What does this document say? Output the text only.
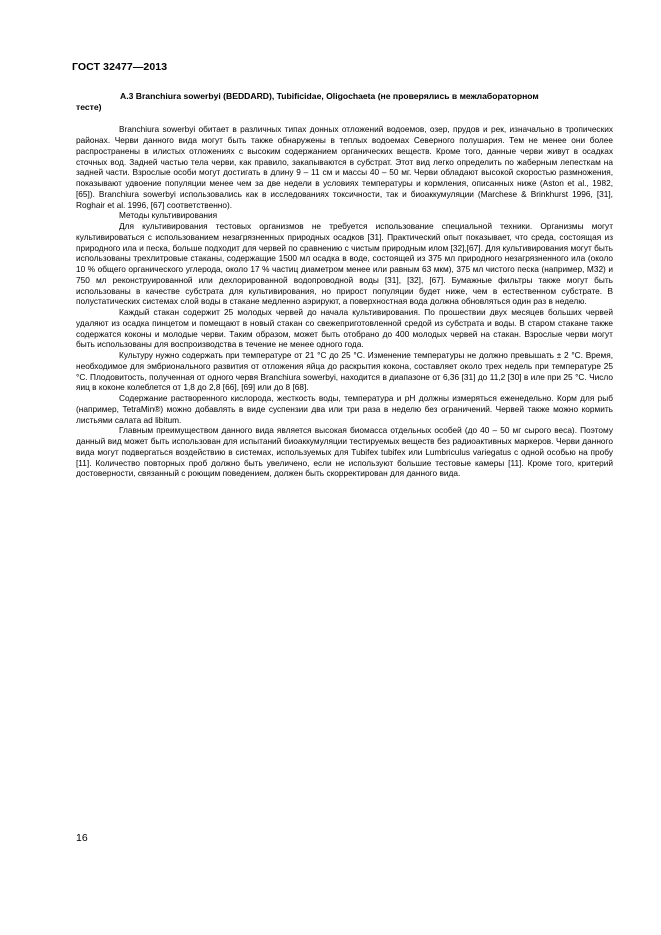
ГОСТ 32477—2013
А.3 Branchiura sowerbyi (BEDDARD), Tubificidae, Oligochaeta (не проверялись в межлабораторном
тесте)

Branchiura sowerbyi обитает в различных типах донных отложений водоемов, озер, прудов и рек, изначально в тропических районах. Черви данного вида могут быть также обнаружены в теплых водоемах Северного полушария. Тем не менее они более распространены в илистых отложениях с высоким содержанием органических веществ. Кроме того, данные черви живут в осадках сточных вод. Задней частью тела черви, как правило, закапываются в субстрат. Этот вид легко определить по жаберным лепесткам на задней части. Взрослые особи могут достигать в длину 9 – 11 см и массы 40 – 50 мг. Черви обладают высокой скоростью размножения, показывают удвоение популяции менее чем за две недели в условиях температуры и кормления, описанных ниже (Aston et al., 1982, [65]). Branchiura sowerbyi использовались как в исследованиях токсичности, так и биоаккумуляции (Marchese & Brinkhurst 1996, [31], Roghair et al. 1996, [67] соответственно).

Методы культивирования

Для культивирования тестовых организмов не требуется использование специальной техники. Организмы могут культивироваться с использованием незагрязненных природных осадков [31]. Практический опыт показывает, что среда, состоящая из природного ила и песка, больше подходит для червей по сравнению с чистым природным илом [32],[67]. Для культивирования могут быть использованы трехлитровые стаканы, содержащие 1500 мл осадка в воде, состоящей из 375 мл природного незагрязненного ила (около 10 % общего органического углерода, около 17 % частиц диаметром менее или равным 63 мкм), 375 мл чистого песка (например, M32) и 750 мл реконструированной или дехлорированной водопроводной воды [31], [32], [67]. Бумажные фильтры также могут быть использованы в качестве субстрата для культивирования, но прирост популяции будет ниже, чем в естественном субстрате. В полустатических системах слой воды в стакане медленно аэрируют, а поверхностная вода должна обновляться один раз в неделю.

Каждый стакан содержит 25 молодых червей до начала культивирования. По прошествии двух месяцев больших червей удаляют из осадка пинцетом и помещают в новый стакан со свежеприготовленной средой из субстрата и воды. В старом стакане также содержатся коконы и молодые черви. Таким образом, может быть отобрано до 400 молодых червей на стакан. Взрослые черви могут быть использованы для воспроизводства в течение не менее одного года.

Культуру нужно содержать при температуре от 21 °С до 25 °С. Изменение температуры не должно превышать ± 2 °С. Время, необходимое для эмбрионального развития от отложения яйца до раскрытия кокона, составляет около трех недель при температуре 25 °С. Плодовитость, полученная от одного червя Branchiura sowerbyi, находится в диапазоне от 6,36 [31] до 11,2 [30] в иле при 25 °С. Число яиц в коконе колеблется от 1,8 до 2,8 [66], [69] или до 8 [68].

Содержание растворенного кислорода, жесткость воды, температура и pH должны измеряться еженедельно. Корм для рыб (например, TetraMin®) можно добавлять в виде суспензии два или три раза в неделю без ограничений. Червей также можно кормить листьями салата ad libitum.

Главным преимуществом данного вида является высокая биомасса отдельных особей (до 40 – 50 мг сырого веса). Поэтому данный вид может быть использован для испытаний биоаккумуляции тестируемых веществ без радиоактивных маркеров. Черви данного вида могут подвергаться воздействию в системах, используемых для Tubifex tubifex или Lumbriculus variegatus с одной особью на пробу [11]. Количество повторных проб должно быть увеличено, если не используют большие тестовые камеры [11]. Кроме того, критерий достоверности, связанный с роющим поведением, должен быть скорректирован для данного вида.

16
